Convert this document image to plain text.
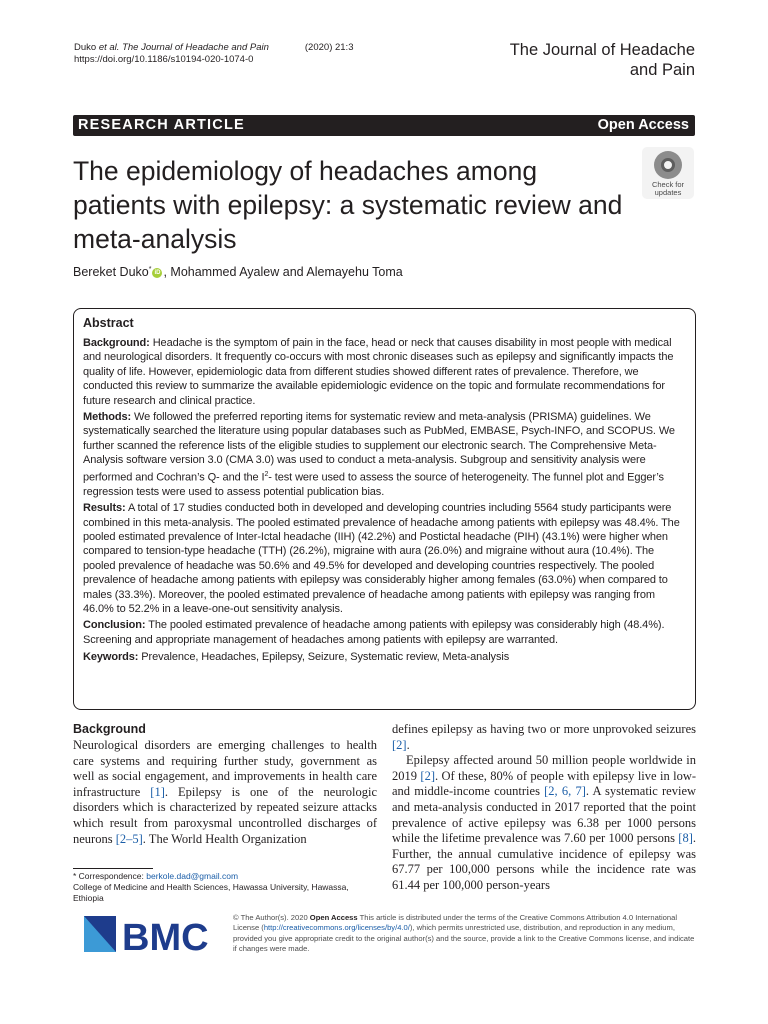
Duko et al. The Journal of Headache and Pain	(2020) 21:3
https://doi.org/10.1186/s10194-020-1074-0
The Journal of Headache
and Pain
RESEARCH ARTICLE	Open Access
The epidemiology of headaches among patients with epilepsy: a systematic review and meta-analysis
Check for
updates
Bereket Duko* iD , Mohammed Ayalew and Alemayehu Toma
Abstract

Background: Headache is the symptom of pain in the face, head or neck that causes disability in most people with medical and neurological disorders. It frequently co-occurs with most chronic diseases such as epilepsy and significantly impacts the quality of life. However, epidemiologic data from different studies showed different rates of prevalence. Therefore, we conducted this review to summarize the available epidemiologic evidence on the topic and formulate recommendations for future research and clinical practice.

Methods: We followed the preferred reporting items for systematic review and meta-analysis (PRISMA) guidelines. We systematically searched the literature using popular databases such as PubMed, EMBASE, Psych-INFO, and SCOPUS. We further scanned the reference lists of the eligible studies to supplement our electronic search. The Comprehensive Meta-Analysis software version 3.0 (CMA 3.0) was used to conduct a meta-analysis. Subgroup and sensitivity analysis were performed and Cochran’s Q- and the $I^2-$ test were used to assess the source of heterogeneity. The funnel plot and Egger’s regression tests were used to assess potential publication bias.

Results: A total of 17 studies conducted both in developed and developing countries including 5564 study participants were combined in this meta-analysis. The pooled estimated prevalence of headache among patients with epilepsy was 48.4%. The pooled estimated prevalence of Inter-Ictal headache (IIH) (42.2%) and Postictal headache (PIH) (43.1%) were higher when compared to tension-type headache (TTH) (26.2%), migraine with aura (26.0%) and migraine without aura (10.4%). The pooled prevalence of headache was 50.6% and 49.5% for developed and developing countries respectively. The pooled prevalence of headache among patients with epilepsy was considerably higher among females (63.0%) when compared to males (33.3%). Moreover, the pooled estimated prevalence of headache among patients with epilepsy was ranging from 46.0% to 52.2% in a leave-one-out sensitivity analysis.

Conclusion: The pooled estimated prevalence of headache among patients with epilepsy was considerably high (48.4%). Screening and appropriate management of headaches among patients with epilepsy are warranted.

Keywords: Prevalence, Headaches, Epilepsy, Seizure, Systematic review, Meta-analysis

Background

Neurological disorders are emerging challenges to health care systems and requiring further study, government as well as social engagement, and improvements in health care infrastructure [1]. Epilepsy is one of the neurologic disorders which is characterized by repeated seizure attacks which result from paroxysmal uncontrolled discharges of neurons [2–5]. The World Health Organization

defines epilepsy as having two or more unprovoked seizures [2].

Epilepsy affected around 50 million people worldwide in 2019 [2]. Of these, 80% of people with epilepsy live in low- and middle-income countries [2, 6, 7]. A systematic review and meta-analysis conducted in 2017 reported that the point prevalence of active epilepsy was 6.38 per 1000 persons while the lifetime prevalence was 7.60 per 1000 persons [8]. Further, the annual cumulative incidence of epilepsy was 67.77 per 100,000 persons while the incidence rate was 61.44 per 100,000 person-years

* Correspondence: berkole.dad@gmail.com
College of Medicine and Health Sciences, Hawassa University, Hawassa, Ethiopia
BMC	© The Author(s). 2020 Open Access This article is distributed under the terms of the Creative Commons Attribution 4.0 International License (http://creativecommons.org/licenses/by/4.0/), which permits unrestricted use, distribution, and reproduction in any medium, provided you give appropriate credit to the original author(s) and the source, provide a link to the Creative Commons license, and indicate if changes were made.
